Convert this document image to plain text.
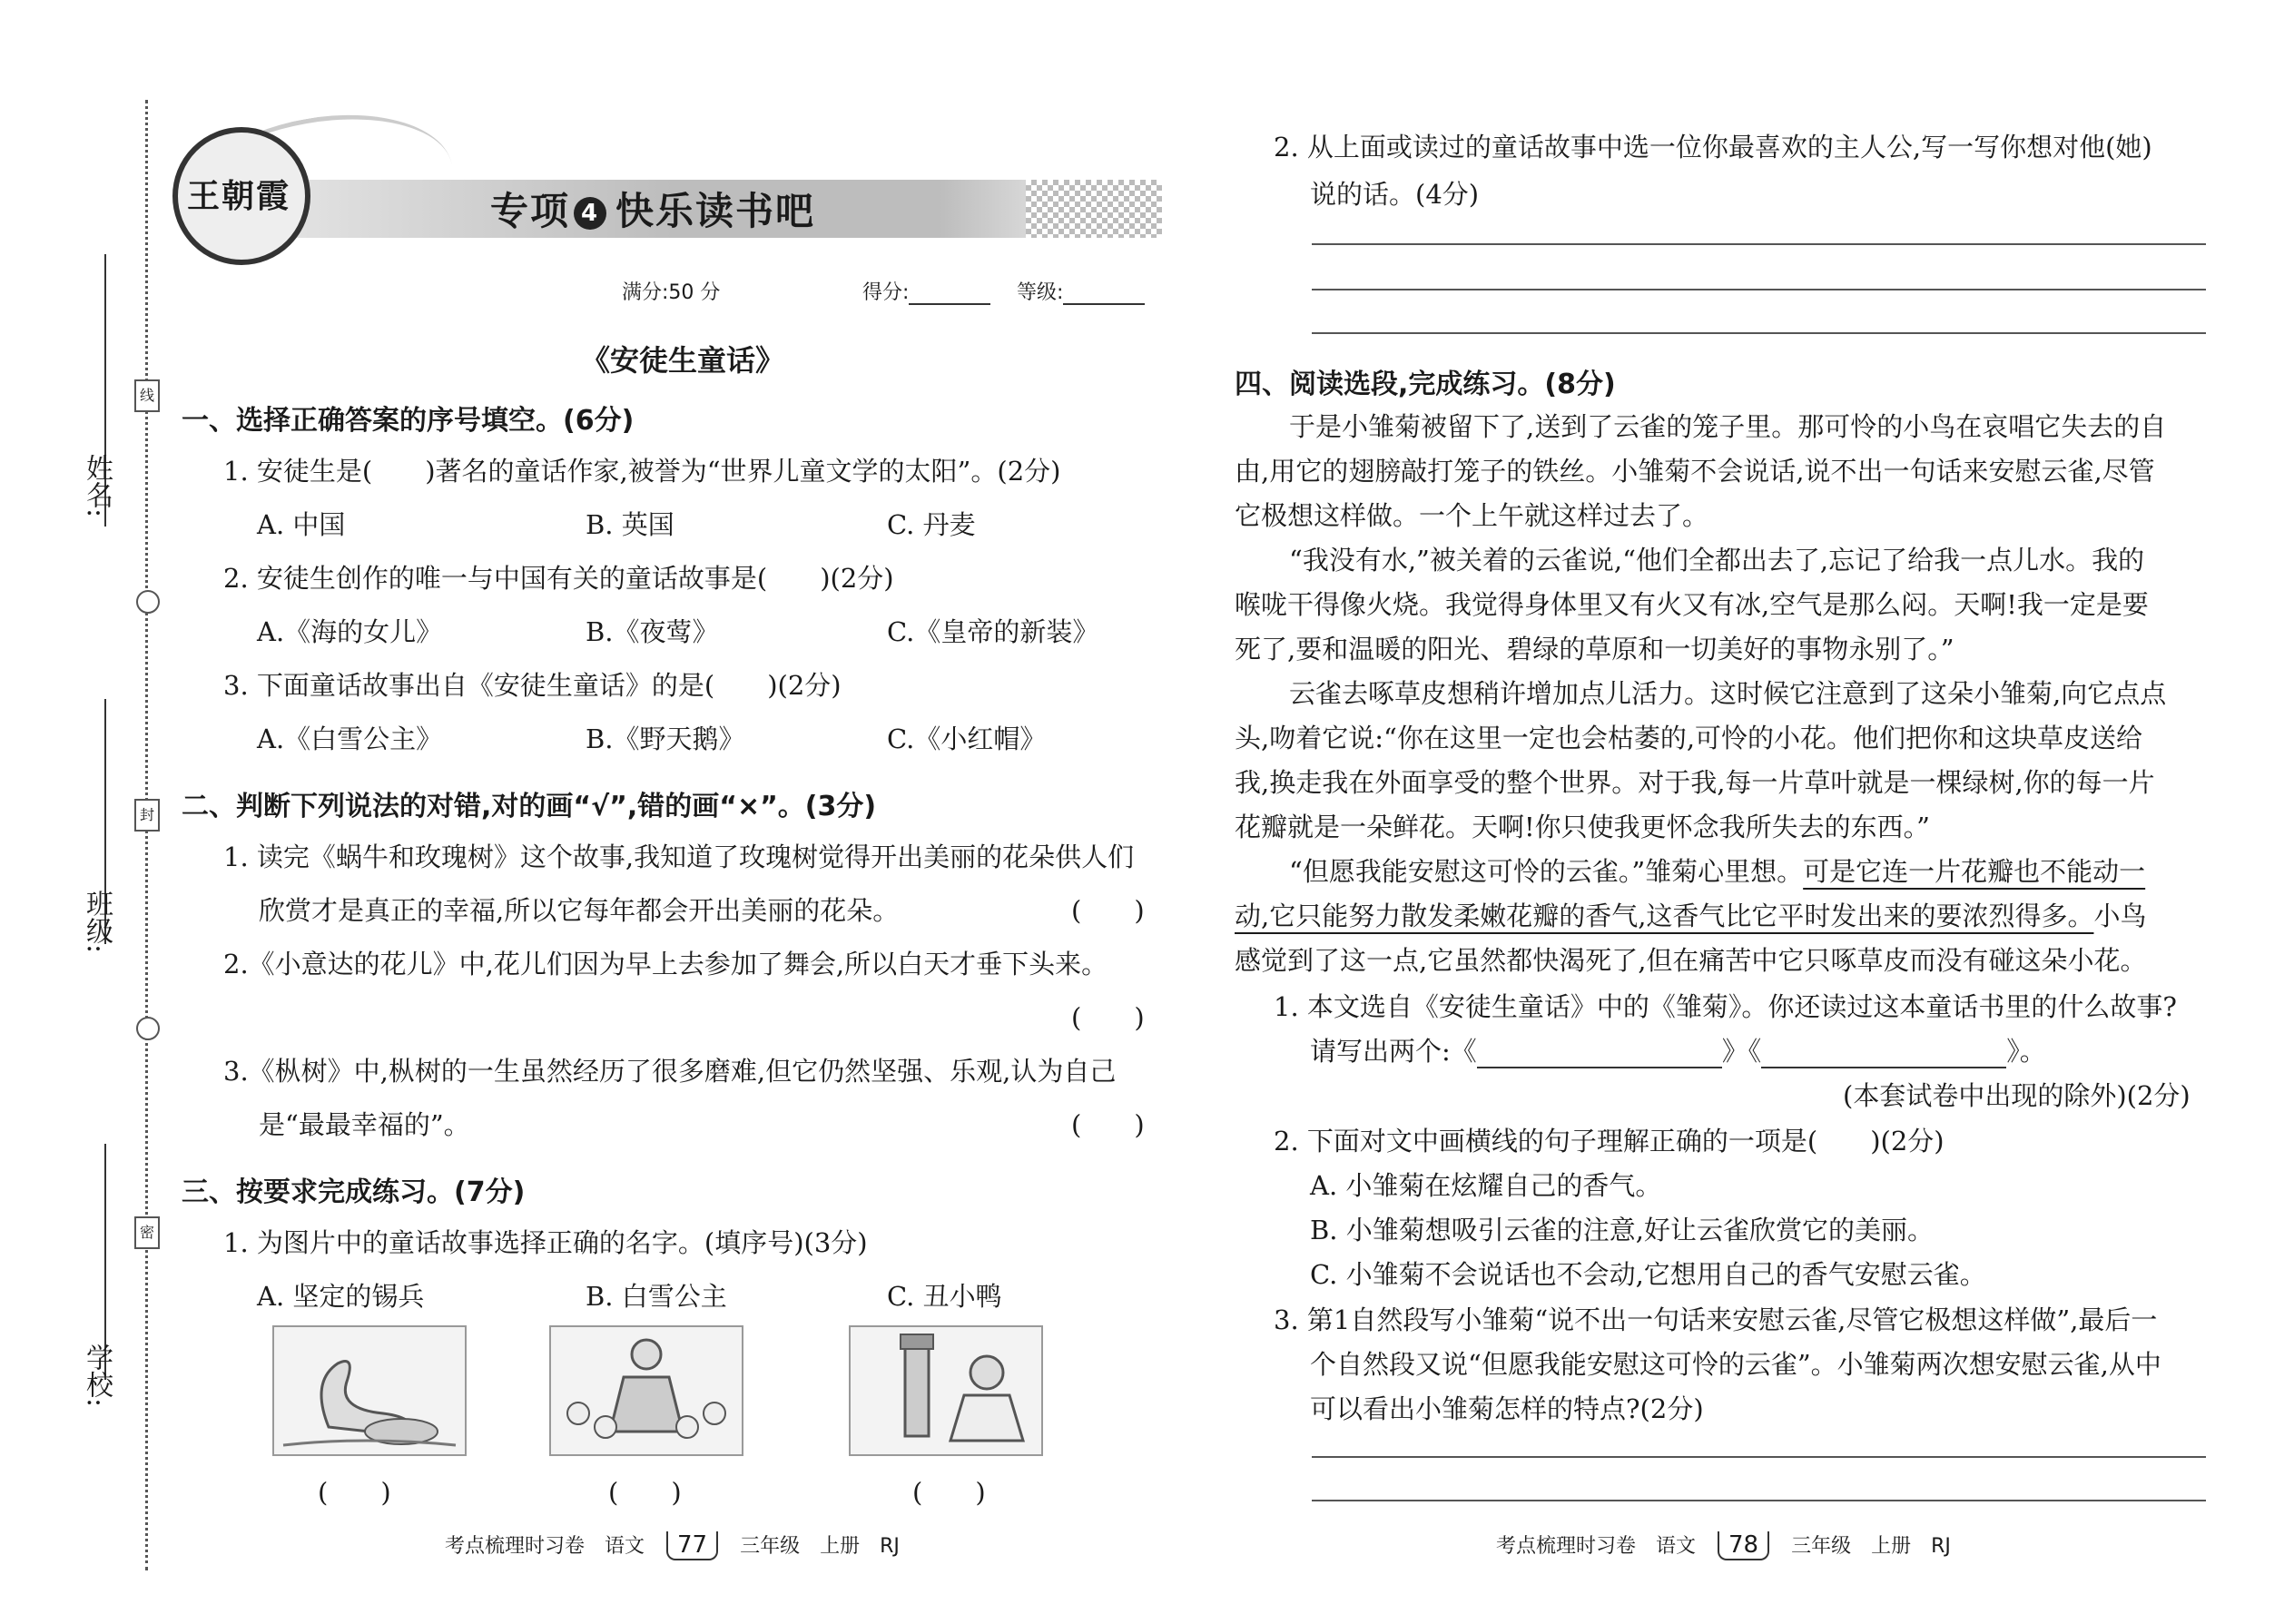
姓名:
班级:
学校:
线
封
密
王朝霞	专项 4 快乐读书吧
满分:50 分	得分:	等级:
《安徒生童话》
一、选择正确答案的序号填空。(6分)
1. 安徒生是(　　)著名的童话作家,被誉为“世界儿童文学的太阳”。(2分)
A. 中国	B. 英国	C. 丹麦
2. 安徒生创作的唯一与中国有关的童话故事是(　　)(2分)
A.《海的女儿》	B.《夜莺》	C.《皇帝的新装》
3. 下面童话故事出自《安徒生童话》的是(　　)(2分)
A.《白雪公主》	B.《野天鹅》	C.《小红帽》
二、判断下列说法的对错,对的画“√”,错的画“×”。(3分)
1. 读完《蜗牛和玫瑰树》这个故事,我知道了玫瑰树觉得开出美丽的花朵供人们
欣赏才是真正的幸福,所以它每年都会开出美丽的花朵。	(　　)
2.《小意达的花儿》中,花儿们因为早上去参加了舞会,所以白天才垂下头来。
(　　)
3.《枞树》中,枞树的一生虽然经历了很多磨难,但它仍然坚强、乐观,认为自己
是“最最幸福的”。	(　　)
三、按要求完成练习。(7分)
1. 为图片中的童话故事选择正确的名字。(填序号)(3分)
A. 坚定的锡兵	B. 白雪公主	C. 丑小鸭
(　　)	(　　)	(　　)
2. 从上面或读过的童话故事中选一位你最喜欢的主人公,写一写你想对他(她)
说的话。(4分)
四、阅读选段,完成练习。(8分)
于是小雏菊被留下了,送到了云雀的笼子里。那可怜的小鸟在哀唱它失去的自
由,用它的翅膀敲打笼子的铁丝。小雏菊不会说话,说不出一句话来安慰云雀,尽管
它极想这样做。一个上午就这样过去了。
“我没有水,”被关着的云雀说,“他们全都出去了,忘记了给我一点儿水。我的
喉咙干得像火烧。我觉得身体里又有火又有冰,空气是那么闷。天啊!我一定是要
死了,要和温暖的阳光、碧绿的草原和一切美好的事物永别了。”
云雀去啄草皮想稍许增加点儿活力。这时候它注意到了这朵小雏菊,向它点点
头,吻着它说:“你在这里一定也会枯萎的,可怜的小花。他们把你和这块草皮送给
我,换走我在外面享受的整个世界。对于我,每一片草叶就是一棵绿树,你的每一片
花瓣就是一朵鲜花。天啊!你只使我更怀念我所失去的东西。”
“但愿我能安慰这可怜的云雀。”雏菊心里想。可是它连一片花瓣也不能动一
动,它只能努力散发柔嫩花瓣的香气,这香气比它平时发出来的要浓烈得多。小鸟
感觉到了这一点,它虽然都快渴死了,但在痛苦中它只啄草皮而没有碰这朵小花。
1. 本文选自《安徒生童话》中的《雏菊》。你还读过这本童话书里的什么故事?
请写出两个:《	》《	》。
(本套试卷中出现的除外)(2分)
2. 下面对文中画横线的句子理解正确的一项是(　　)(2分)
A. 小雏菊在炫耀自己的香气。
B. 小雏菊想吸引云雀的注意,好让云雀欣赏它的美丽。
C. 小雏菊不会说话也不会动,它想用自己的香气安慰云雀。
3. 第1自然段写小雏菊“说不出一句话来安慰云雀,尽管它极想这样做”,最后一
个自然段又说“但愿我能安慰这可怜的云雀”。小雏菊两次想安慰云雀,从中
可以看出小雏菊怎样的特点?(2分)
考点梳理时习卷　语文 77 三年级　上册　RJ	考点梳理时习卷　语文 78 三年级　上册　RJ
